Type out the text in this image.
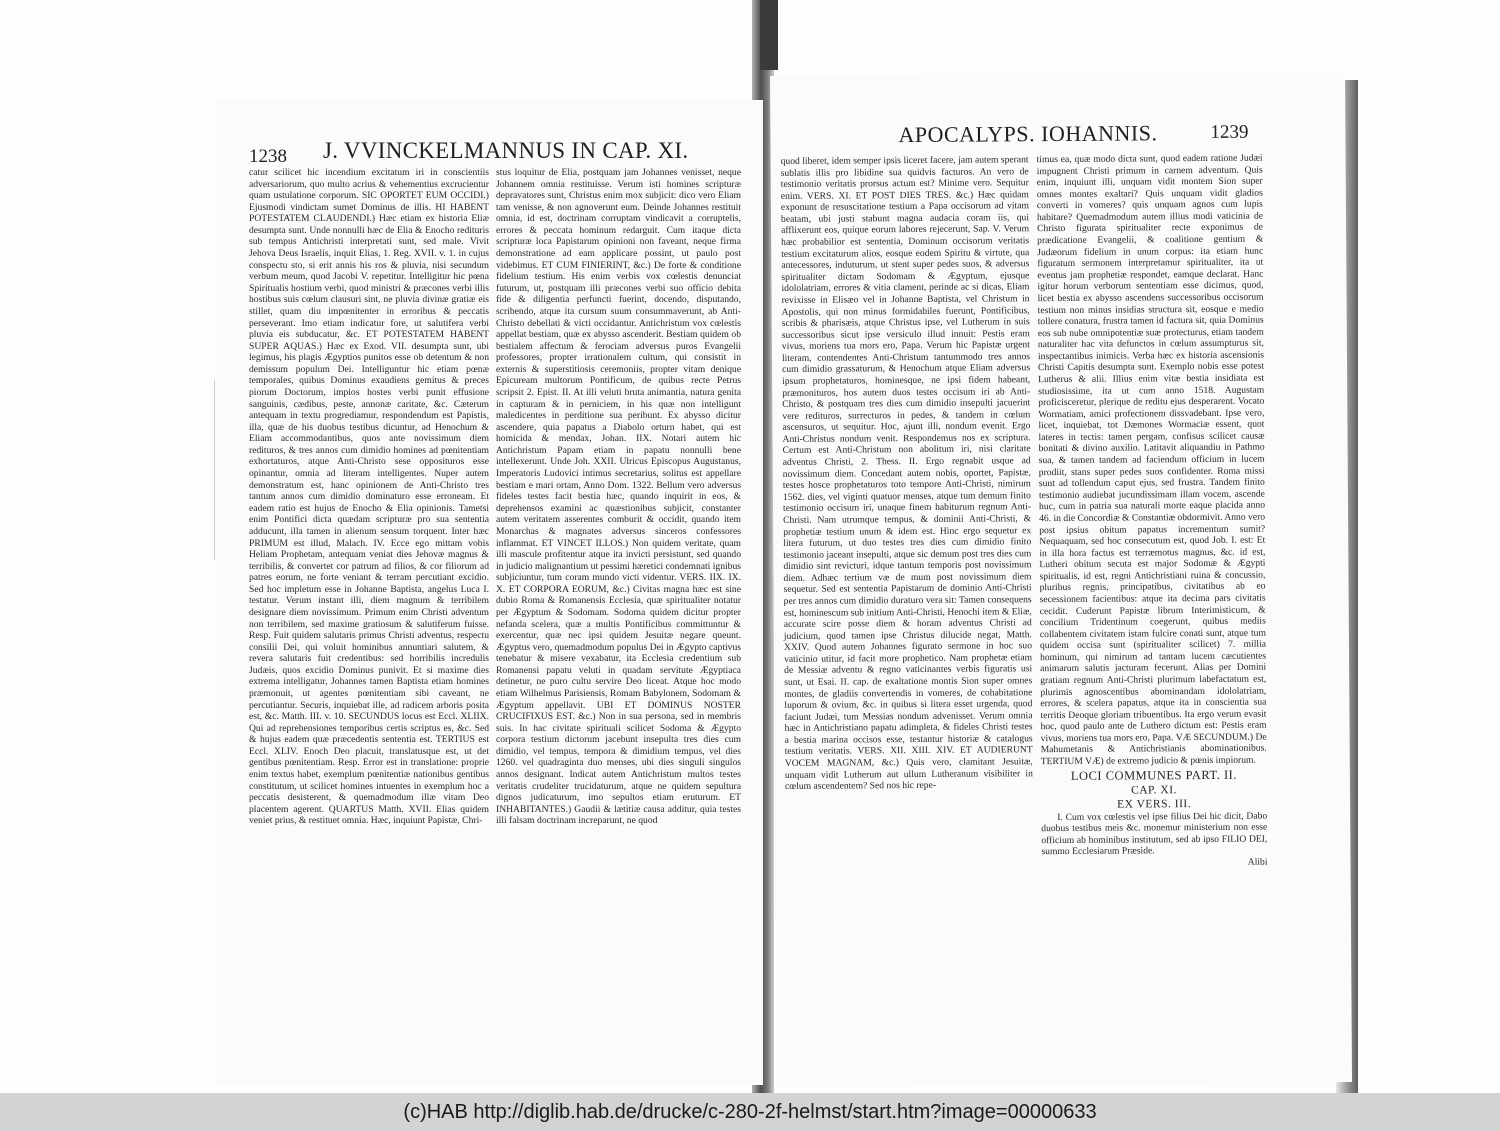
1238 J. VVINCKELMANNUS IN CAP. XI.

catur scilicet hic incendium excitatum iri in conscientiis adversariorum, quo multo acrius & vehementius excrucientur quam ustulatione corporum. SIC OPORTET EUM OCCIDI.) Ejusmodi vindictam sumet Dominus de illis. HI HABENT POTESTATEM CLAUDENDI.) Hæc etiam ex historia Eliæ desumpta sunt. Unde nonnulli hæc de Elia & Enocho redituris sub tempus Antichristi interpretati sunt, sed male. Vivit Jehova Deus Israelis, inquit Elias, 1. Reg. XVII. v. 1. in cujus conspectu sto, si erit annis his ros & pluvia, nisi secundum verbum meum, quod Jacobi V. repetitur. Intelligitur hic pœna Spiritualis hostium verbi, quod ministri & præcones verbi illis hostibus suis cœlum clausuri sint, ne pluvia divinæ gratiæ eis stillet, quam diu impœnitenter in erroribus & peccatis perseverant. Imo etiam indicatur fore, ut salutifera verbi pluvia eis subducatur, &c. ET POTESTATEM HABENT SUPER AQUAS.) Hæc ex Exod. VII. desumpta sunt, ubi legimus, his plagis Ægyptios punitos esse ob detentum & non demissum populum Dei. Intelliguntur hic etiam pœnæ temporales, quibus Dominus exaudiens gemitus & preces piorum Doctorum, impios hostes verbi punit effusione sanguinis, cædibus, peste, annonæ caritate, &c. Cæterum antequam in textu progrediamur, respondendum est Papistis, illa, quæ de his duobus testibus dicuntur, ad Henochum & Eliam accommodantibus, quos ante novissimum diem redituros, & tres annos cum dimidio homines ad pœnitentiam exhortaturos, atque Anti-Christo sese opposituros esse opinantur, omnia ad literam intelligentes. Nuper autem demonstratum est, hanc opinionem de Anti-Christo tres tantum annos cum dimidio dominaturo esse erroneam. Et eadem ratio est hujus de Enocho & Elia opinionis. Tametsi enim Pontifici dicta quædam scripturæ pro sua sententia adducunt, illa tamen in alienum sensum torquent. Inter hæc PRIMUM est illud, Malach. IV. Ecce ego mittam vobis Heliam Prophetam, antequam veniat dies Jehovæ magnus & terribilis, & convertet cor patrum ad filios, & cor filiorum ad patres eorum, ne forte veniant & terram percutiant excidio. Sed hoc impletum esse in Johanne Baptista, angelus Luca I. testatur. Verum instant illi, diem magnum & terribilem designare diem novissimum. Primum enim Christi adventum non terribilem, sed maxime gratiosum & salutiferum fuisse. Resp. Fuit quidem salutaris primus Christi adventus, respectu consilii Dei, qui voluit hominibus annuntiari salutem, & revera salutaris fuit credentibus: sed horribilis incredulis Judæis, quos excidio Dominus punivit. Et si maxime dies extrema intelligatur, Johannes tamen Baptista etiam homines præmonuit, ut agentes pœnitentiam sibi caveant, ne percutiantur. Securis, inquiebat ille, ad radicem arboris posita est, &c. Matth. III. v. 10. SECUNDUS locus est Eccl. XLIIX. Qui ad reprehensiones temporibus certis scriptus es, &c. Sed & hujus eadem quæ præcedentis sententia est. TERTIUS est Eccl. XLIV. Enoch Deo placuit, translatusque est, ut det gentibus pœnitentiam. Resp. Error est in translatione: proprie enim textus habet, exemplum pœnitentiæ nationibus gentibus constitutum, ut scilicet homines intuentes in exemplum hoc a peccatis desisterent, & quemadmodum illæ vitam Deo placentem agerent. QUARTUS Matth. XVII. Elias quidem veniet prius, & restituet omnia. Hæc, inquiunt Papistæ, Chri-

stus loquitur de Elia, postquam jam Johannes venisset, neque Johannem omnia restituisse. Verum isti homines scripturæ depravatores sunt, Christus enim mox subjicit: dico vero Eliam tam venisse, & non agnoverunt eum. Deinde Johannes restituit omnia, id est, doctrinam corruptam vindicavit a corruptelis, errores & peccata hominum redarguit. Cum itaque dicta scripturæ loca Papistarum opinioni non faveant, neque firma demonstratione ad eam applicare possint, ut paulo post videbimus. ET CUM FINIERINT, &c.) De forte & conditione fidelium testium. His enim verbis vox cœlestis denunciat futurum, ut, postquam illi præcones verbi suo officio debita fide & diligentia perfuncti fuerint, docendo, disputando, scribendo, atque ita cursum suum consummaverunt, ab Anti-Christo debellati & victi occidantur. Antichristum vox cœlestis appellat bestiam, quæ ex abysso ascenderit. Bestiam quidem ob bestialem affectum & ferociam adversus puros Evangelii professores, propter irrationalem cultum, qui consistit in externis & superstitiosis ceremoniis, propter vitam denique Epicuream multorum Pontificum, de quibus recte Petrus scripsit 2. Epist. II. At illi veluti bruta animantia, natura genita in capturam & in perniciem, in his quæ non intelligunt maledicentes in perditione sua peribunt. Ex abysso dicitur ascendere, quia papatus a Diabolo orturn habet, qui est homicida & mendax, Johan. IIX. Notari autem hic Antichristum Papam etiam in papatu nonnulli bene intellexerunt. Unde Joh. XXII. Ulricus Episcopus Augustanus, Imperatoris Ludovici intimus secretarius, solitus est appellare bestiam e mari ortam, Anno Dom. 1322. Bellum vero adversus fideles testes facit bestia hæc, quando inquirit in eos, & deprehensos examini ac quæstionibus subjicit, constanter autem veritatem asserentes comburit & occidit, quando item Monarchas & magnates adversus sinceros confessores inflammat. ET VINCET ILLOS.) Non quidem veritate, quam illi mascule profitentur atque ita invicti persistunt, sed quando in judicio malignantium ut pessimi hæretici condemnati ignibus subjiciuntur, tum coram mundo victi videntur. VERS. IIX. IX. X. ET CORPORA EORUM, &c.) Civitas magna hæc est sine dubio Roma & Romanensis Ecclesia, quæ spiritualiter notatur per Ægyptum & Sodomam. Sodoma quidem dicitur propter nefanda scelera, quæ a multis Pontificibus committuntur & exercentur, quæ nec ipsi quidem Jesuitæ negare queunt. Ægyptus vero, quemadmodum populus Dei in Ægypto captivus tenebatur & misere vexabatur, ita Ecclesia credentium sub Romanensi papatu veluti in quadam servitute Ægyptiaca detinetur, ne puro cultu servire Deo liceat. Atque hoc modo etiam Wilhelmus Parisiensis, Romam Babylonem, Sodomam & Ægyptum appellavit. UBI ET DOMINUS NOSTER CRUCIFIXUS EST. &c.) Non in sua persona, sed in membris suis. In hac civitate spirituali scilicet Sodoma & Ægypto corpora testium dictorum jacebunt insepulta tres dies cum dimidio, vel tempus, tempora & dimidium tempus, vel dies 1260. vel quadraginta duo menses, ubi dies singuli singulos annos designant. Indicat autem Antichristum multos testes veritatis crudeliter trucidaturum, atque ne quidem sepultura dignos judicaturum, imo sepultos etiam eruturum. ET INHABITANTES.) Gaudii & lætitiæ causa additur, quia testes illi falsam doctrinam increparunt, ne quod

APOCALYPS. IOHANNIS.	1239

quod liberet, idem semper ipsis liceret facere, jam autem sperant sublatis illis pro libidine sua quidvis facturos. An vero de testimonio veritatis prorsus actum est? Minime vero. Sequitur enim. VERS. XI. ET POST DIES TRES. &c.) Hæc quidam exponunt de resuscitatione testium a Papa occisorum ad vitam beatam, ubi justi stabunt magna audacia coram iis, qui afflixerunt eos, quique eorum labores rejecerunt, Sap. V. Verum hæc probabilior est sententia, Dominum occisorum veritatis testium excitaturum alios, eosque eodem Spiritu & virtute, qua antecessores, induturum, ut stent super pedes suos, & adversus spiritualiter dictam Sodomam & Ægyptum, ejusque idololatriam, errores & vitia clament, perinde ac si dicas, Eliam revixisse in Elisæo vel in Johanne Baptista, vel Christum in Apostolis, qui non minus formidabiles fuerunt, Pontificibus, scribis & pharisæis, atque Christus ipse, vel Lutherum in suis successoribus sicut ipse versiculo illud innuit: Pestis eram vivus, moriens tua mors ero, Papa. Verum hic Papistæ urgent literam, contendentes Anti-Christum tantummodo tres annos cum dimidio grassaturum, & Henochum atque Eliam adversus ipsum prophetaturos, hominesque, ne ipsi fidem habeant, præmonituros, hos autem duos testes occisum iri ab Anti-Christo, & postquam tres dies cum dimidio insepulti jacuerint vere redituros, surrecturos in pedes, & tandem in cœlum ascensuros, ut sequitur. Hoc, ajunt illi, nondum evenit. Ergo Anti-Christus nondum venit. Respondemus nos ex scriptura. Certum est Anti-Christum non abolitum iri, nisi claritate adventus Christi, 2. Thess. II. Ergo regnabit usque ad novissimum diem. Concedant autem nobis, oportet, Papistæ, testes hosce prophetaturos toto tempore Anti-Christi, nimirum 1562. dies, vel viginti quatuor menses, atque tum demum finito testimonio occisum iri, unaque finem habiturum regnum Anti-Christi. Nam utrumque tempus, & dominii Anti-Christi, & prophetiæ testium unum & idem est. Hinc ergo sequetur ex litera futurum, ut duo testes tres dies cum dimidio finito testimonio jaceant insepulti, atque sic demum post tres dies cum dimidio sint revicturi, idque tantum temporis post novissimum diem. Adhæc tertium væ de mum post novissimum diem sequetur. Sed est sententia Papistarum de dominio Anti-Christi per tres annos cum dimidio duraturo vera sit: Tamen consequens est, hominescum sub initium Anti-Christi, Henochi item & Eliæ, accurate scire posse diem & horam adventus Christi ad judicium, quod tamen ipse Christus dilucide negat, Matth. XXIV. Quod autem Johannes figurato sermone in hoc suo vaticinio utitur, id facit more prophetico. Nam prophetæ etiam de Messiæ adventu & regno vaticinantes verbis figuratis usi sunt, ut Esai. II. cap. de exaltatione montis Sion super omnes montes, de gladiis convertendis in vomeres, de cohabitatione luporum & ovium, &c. in quibus si litera esset urgenda, quod faciunt Judæi, tum Messias nondum advenisset. Verum omnia hæc in Antichristiano papatu adimpleta, & fideles Christi testes a bestia marina occisos esse, testantur historiæ & catalogus testium veritatis. VERS. XII. XIII. XIV. ET AUDIERUNT VOCEM MAGNAM, &c.) Quis vero, clamitant Jesuitæ, unquam vidit Lutherum aut ullum Lutheranum visibiliter in cœlum ascendentem? Sed nos hic repe-

timus ea, quæ modo dicta sunt, quod eadem ratione Judæi impugnent Christi primum in carnem adventum. Quis enim, inquiunt illi, unquam vidit montem Sion super omnes montes exaltari? Quis unquam vidit gladios converti in vomeres? quis unquam agnos cum lupis habitare? Quemadmodum autem illius modi vaticinia de Christo figurata spiritualiter recte exponimus de prædicatione Evangelii, & coalitione gentium & Judæorum fidelium in unum corpus: ita etiam hunc figuratum sermonem interpretamur spiritualiter, ita ut eventus jam prophetiæ respondet, eamque declarat. Hanc igitur horum verborum sententiam esse dicimus, quod, licet bestia ex abysso ascendens successoribus occisorum testium non minus insidias structura sit, eosque e medio tollere conatura, frustra tamen id factura sit, quia Dominus eos sub nube omnipotentiæ suæ protecturus, etiam tandem naturaliter hac vita defunctos in cœlum assumpturus sit, inspectantibus inimicis. Verba hæc ex historia ascensionis Christi Capitis desumpta sunt. Exemplo nobis esse potest Lutherus & alii. Illius enim vitæ bestia insidiata est studiosissime, ita ut cum anno 1518. Augustam proficisceretur, plerique de reditu ejus desperarent. Vocato Wormatiam, amici profectionem dissvadebant. Ipse vero, licet, inquiebat, tot Dæmones Wormaciæ essent, quot lateres in tectis: tamen pergam, confisus scilicet causæ bonitati & divino auxilio. Latitavit aliquandiu in Pathmo sua, & tamen tandem ad faciendum officium in lucem prodiit, stans super pedes suos confidenter. Roma missi sunt ad tollendum caput ejus, sed frustra. Tandem finito testimonio audiebat jucundissimam illam vocem, ascende huc, cum in patria sua naturali morte eaque placida anno 46. in die Concordiæ & Constantiæ obdormivit. Anno vero post ipsius obitum papatus incrementum sumit? Nequaquam, sed hoc consecutum est, quod Job. I. est: Et in illa hora factus est terræmotus magnus, &c. id est, Lutheri obitum secuta est major Sodomæ & Ægypti spiritualis, id est, regni Antichristiani ruina & concussio, pluribus regnis, principatibus, civitatibus ab eo secessionem facientibus: atque ita decima pars civitatis cecidit. Cuderunt Papistæ librum Interimisticum, & concilium Tridentinum coegerunt, quibus mediis collabentem civitatem istam fulcire conati sunt, atque tum quidem occisa sunt (spiritualiter scilicet) 7. millia hominum, qui nimirum ad tantam lucem cæcutientes animarum salutis jacturam fecerunt. Alias per Domini gratiam regnum Anti-Christi plurimum labefactatum est, plurimis agnoscentibus abominandam idololatriam, errores, & scelera papatus, atque ita in conscientia sua territis Deoque gloriam tribuentibus. Ita ergo verum evasit hoc, quod paulo ante de Luthero dictum est: Pestis eram vivus, moriens tua mors ero, Papa. VÆ SECUNDUM.) De Mahumetanis & Antichristianis abominationibus. TERTIUM VÆ) de extremo judicio & pœnis impiorum.

LOCI COMMUNES PART. II.

CAP. XI.

EX VERS. III.

I. Cum vox cœlestis vel ipse filius Dei hic dicit, Dabo duobus testibus meis &c. monemur ministerium non esse officium ab hominibus institutum, sed ab ipso FILIO DEI, summo Ecclesiarum Præside.

Alibi

(c)HAB http://diglib.hab.de/drucke/c-280-2f-helmst/start.htm?image=00000633
